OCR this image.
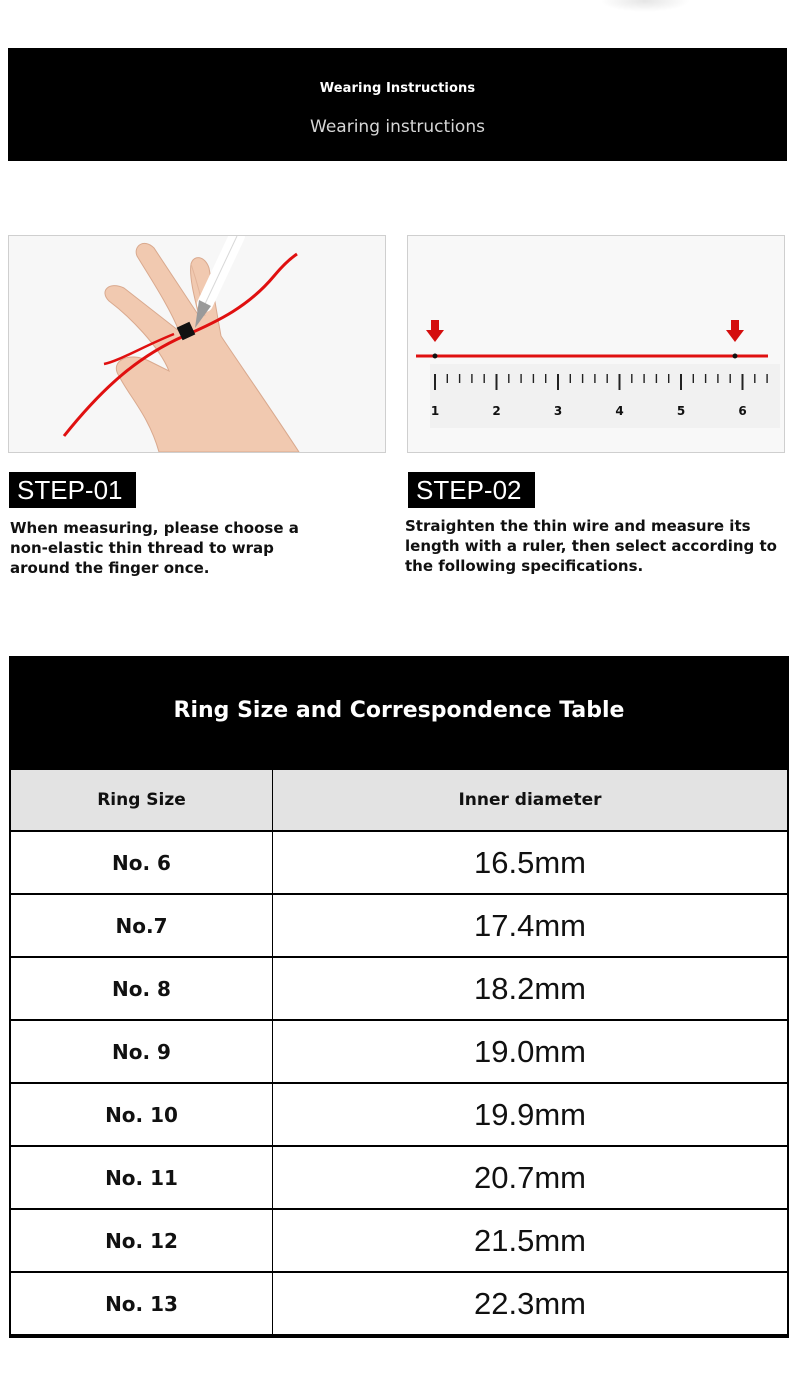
Wearing Instructions
Wearing instructions
1	2	3	4	5	6
STEP-01	STEP-02
When measuring, please choose a
non-elastic thin thread to wrap
around the finger once.
Straighten the thin wire and measure its
length with a ruler, then select according to
the following specifications.
Ring Size and Correspondence Table
Ring Size	Inner diameter
No. 6	16.5mm
No.7	17.4mm
No. 8	18.2mm
No. 9	19.0mm
No. 10	19.9mm
No. 11	20.7mm
No. 12	21.5mm
No. 13	22.3mm
